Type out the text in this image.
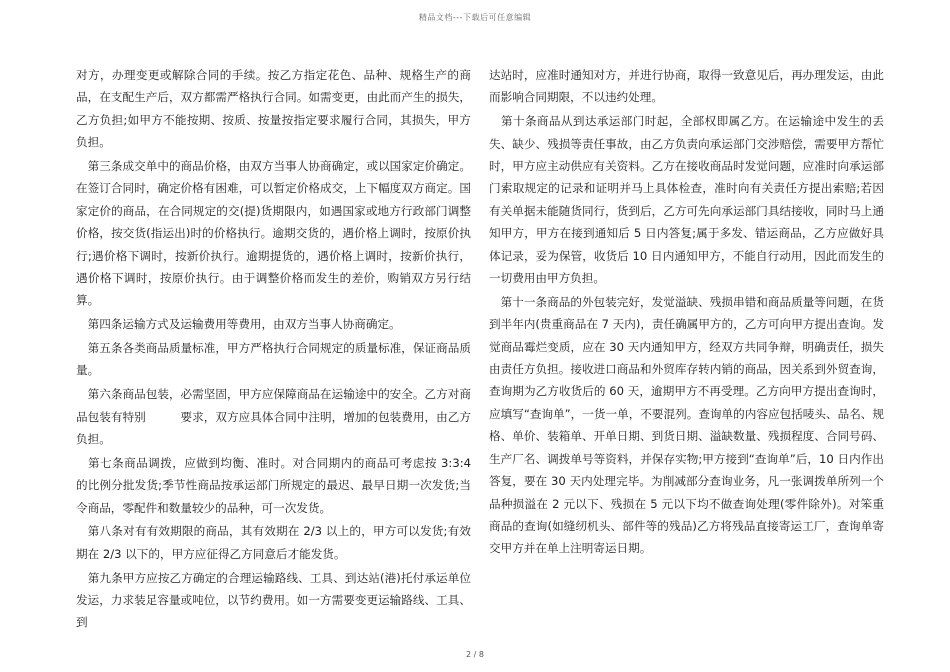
精品文档---下载后可任意编辑

对方，办理变更或解除合同的手续。按乙方指定花色、品种、规格生产的商品，在支配生产后，双方都需严格执行合同。如需变更，由此而产生的损失，乙方负担;如甲方不能按期、按质、按量按指定要求履行合同，其损失，甲方负担。

　第三条成交单中的商品价格，由双方当事人协商确定，或以国家定价确定。在签订合同时，确定价格有困难，可以暂定价格成交，上下幅度双方商定。国家定价的商品，在合同规定的交(提)货期限内，如遇国家或地方行政部门调整价格，按交货(指运出)时的价格执行。逾期交货的，遇价格上调时，按原价执行;遇价格下调时，按新价执行。逾期提货的，遇价格上调时，按新价执行，遇价格下调时，按原价执行。由于调整价格而发生的差价，购销双方另行结算。

　第四条运输方式及运输费用等费用，由双方当事人协商确定。

　第五条各类商品质量标准，甲方严格执行合同规定的质量标准，保证商品质量。

　第六条商品包装，必需坚固，甲方应保障商品在运输途中的安全。乙方对商品包装有特别　　　要求，双方应具体合同中注明，增加的包装费用，由乙方负担。

　第七条商品调拨，应做到均衡、准时。对合同期内的商品可考虑按 3:3:4 的比例分批发货;季节性商品按承运部门所规定的最迟、最早日期一次发货;当令商品，零配件和数量较少的品种，可一次发货。

　第八条对有有效期限的商品，其有效期在 2/3 以上的，甲方可以发货;有效期在 2/3 以下的，甲方应征得乙方同意后才能发货。

　第九条甲方应按乙方确定的合理运输路线、工具、到达站(港)托付承运单位发运，力求装足容量或吨位，以节约费用。如一方需要变更运输路线、工具、到

达站时，应准时通知对方，并进行协商，取得一致意见后，再办理发运，由此而影响合同期限，不以违约处理。

　第十条商品从到达承运部门时起，全部权即属乙方。在运输途中发生的丢失、缺少、残损等责任事故，由乙方负责向承运部门交涉赔偿，需要甲方帮忙时，甲方应主动供应有关资料。乙方在接收商品时发觉问题，应准时向承运部门索取规定的记录和证明并马上具体检查，准时向有关责任方提出索赔;若因有关单据未能随货同行，货到后，乙方可先向承运部门具结接收，同时马上通知甲方，甲方在接到通知后 5 日内答复;属于多发、错运商品，乙方应做好具体记录，妥为保管，收货后 10 日内通知甲方，不能自行动用，因此而发生的一切费用由甲方负担。

　第十一条商品的外包装完好，发觉溢缺、残损串错和商品质量等问题，在货到半年内(贵重商品在 7 天内)，责任确属甲方的，乙方可向甲方提出查询。发觉商品霉烂变质，应在 30 天内通知甲方，经双方共同争辩，明确责任，损失由责任方负担。接收进口商品和外贸库存转内销的商品，因关系到外贸查询，查询期为乙方收货后的 60 天，逾期甲方不再受理。乙方向甲方提出查询时，应填写“查询单”，一货一单，不要混列。查询单的内容应包括唛头、品名、规格、单价、装箱单、开单日期、到货日期、溢缺数量、残损程度、合同号码、生产厂名、调拨单号等资料，并保存实物;甲方接到“查询单”后，10 日内作出答复，要在 30 天内处理完毕。为削减部分查询业务，凡一张调拨单所列一个品种损溢在 2 元以下、残损在 5 元以下均不做查询处理(零件除外)。对笨重商品的查询(如缝纫机头、部件等的残品)乙方将残品直接寄运工厂，查询单寄交甲方并在单上注明寄运日期。

2 / 8
